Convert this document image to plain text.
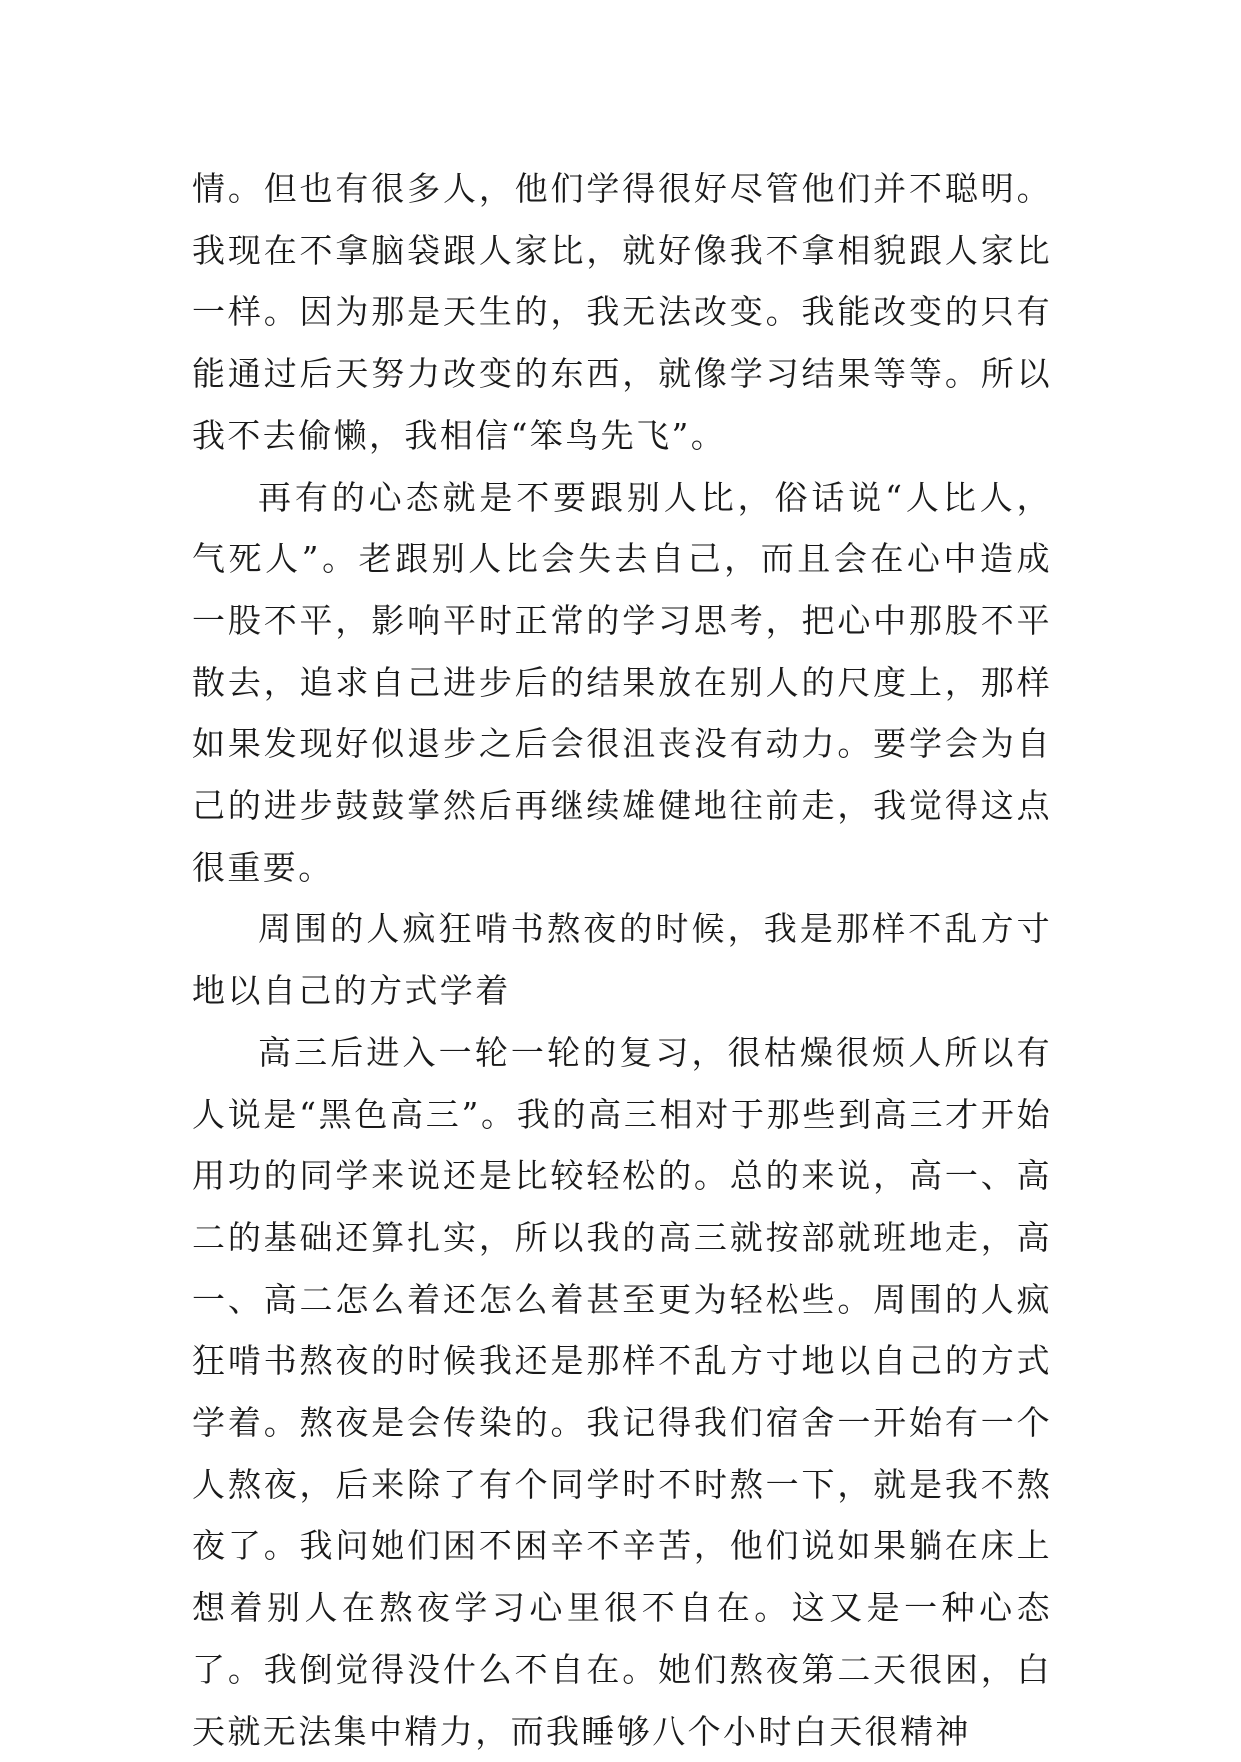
情。但也有很多人，他们学得很好尽管他们并不聪明。我现在不拿脑袋跟人家比，就好像我不拿相貌跟人家比一样。因为那是天生的，我无法改变。我能改变的只有能通过后天努力改变的东西，就像学习结果等等。所以我不去偷懒，我相信“笨鸟先飞”。

再有的心态就是不要跟别人比，俗话说“人比人，气死人”。老跟别人比会失去自己，而且会在心中造成一股不平，影响平时正常的学习思考，把心中那股不平散去，追求自己进步后的结果放在别人的尺度上，那样如果发现好似退步之后会很沮丧没有动力。要学会为自己的进步鼓鼓掌然后再继续雄健地往前走，我觉得这点很重要。

周围的人疯狂啃书熬夜的时候，我是那样不乱方寸地以自己的方式学着

高三后进入一轮一轮的复习，很枯燥很烦人所以有人说是“黑色高三”。我的高三相对于那些到高三才开始用功的同学来说还是比较轻松的。总的来说，高一、高二的基础还算扎实，所以我的高三就按部就班地走，高一、高二怎么着还怎么着甚至更为轻松些。周围的人疯狂啃书熬夜的时候我还是那样不乱方寸地以自己的方式学着。熬夜是会传染的。我记得我们宿舍一开始有一个人熬夜，后来除了有个同学时不时熬一下，就是我不熬夜了。我问她们困不困辛不辛苦，他们说如果躺在床上想着别人在熬夜学习心里很不自在。这又是一种心态了。我倒觉得没什么不自在。她们熬夜第二天很困，白天就无法集中精力，而我睡够八个小时白天很精神
